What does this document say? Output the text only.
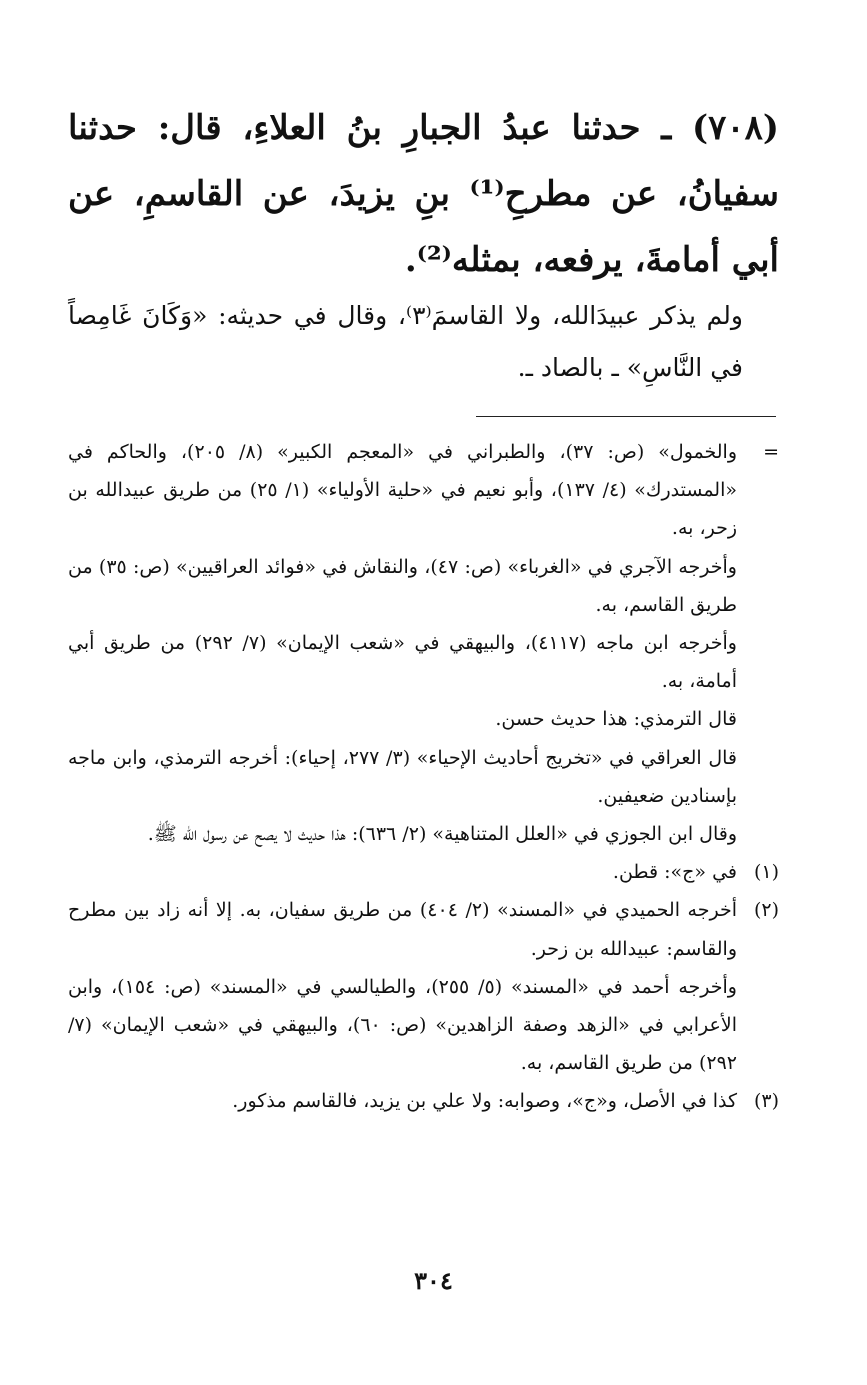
(٧٠٨) ـ حدثنا عبدُ الجبارِ بنُ العلاءِ، قال: حدثنا سفيانُ، عن مطرحِ⁽¹⁾ بنِ يزيدَ، عن القاسمِ، عن أبي أمامةَ، يرفعه، بمثله⁽²⁾.

ولم يذكر عبيدَالله، ولا القاسمَ⁽٣⁾، وقال في حديثه: «وَكَانَ غَامِصاً في النَّاسِ» ـ بالصاد ـ.

=

والخمول» (ص: ٣٧)، والطبراني في «المعجم الكبير» (٨/ ٢٠٥)، والحاكم في «المستدرك» (٤/ ١٣٧)، وأبو نعيم في «حلية الأولياء» (١/ ٢٥) من طريق عبيدالله بن زحر، به.

وأخرجه الآجري في «الغرباء» (ص: ٤٧)، والنقاش في «فوائد العراقيين» (ص: ٣٥) من طريق القاسم، به.

وأخرجه ابن ماجه (٤١١٧)، والبيهقي في «شعب الإيمان» (٧/ ٢٩٢) من طريق أبي أمامة، به.

قال الترمذي: هذا حديث حسن.

قال العراقي في «تخريج أحاديث الإحياء» (٣/ ٢٧٧، إحياء): أخرجه الترمذي، وابن ماجه بإسنادين ضعيفين.

وقال ابن الجوزي في «العلل المتناهية» (٢/ ٦٣٦): هذا حديث لا يصح عن رسول الله ﷺ.

(١)

في «ج»: قطن.

(٢)

أخرجه الحميدي في «المسند» (٢/ ٤٠٤) من طريق سفيان، به. إلا أنه زاد بين مطرح والقاسم: عبيدالله بن زحر.

وأخرجه أحمد في «المسند» (٥/ ٢٥٥)، والطيالسي في «المسند» (ص: ١٥٤)، وابن الأعرابي في «الزهد وصفة الزاهدين» (ص: ٦٠)، والبيهقي في «شعب الإيمان» (٧/ ٢٩٢) من طريق القاسم، به.

(٣)

كذا في الأصل، و«ج»، وصوابه: ولا علي بن يزيد، فالقاسم مذكور.

٣٠٤
